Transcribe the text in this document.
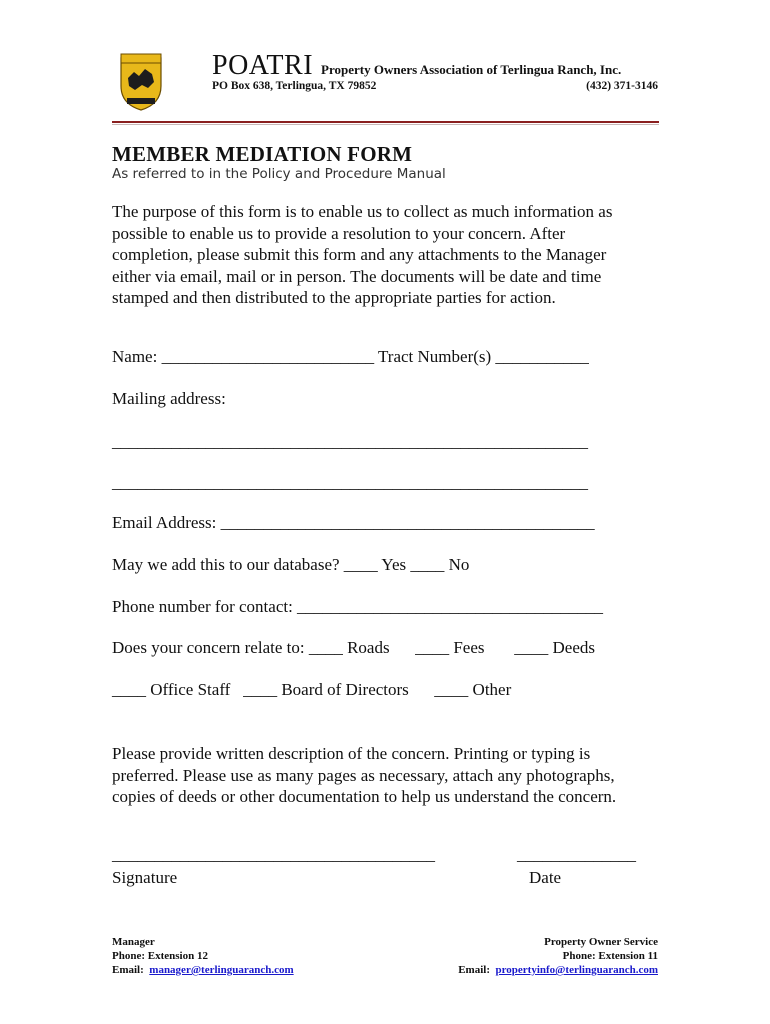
POATRI Property Owners Association of Terlingua Ranch, Inc.
PO Box 638, Terlingua, TX 79852	(432) 371-3146
MEMBER MEDIATION FORM
As referred to in the Policy and Procedure Manual
The purpose of this form is to enable us to collect as much information as
possible to enable us to provide a resolution to your concern. After
completion, please submit this form and any attachments to the Manager
either via email, mail or in person. The documents will be date and time
stamped and then distributed to the appropriate parties for action.
Name: _________________________ Tract Number(s) ___________
Mailing address:
________________________________________________________
________________________________________________________
Email Address: ____________________________________________
May we add this to our database? ____ Yes ____ No
Phone number for contact: ____________________________________
Does your concern relate to: ____ Roads      ____ Fees       ____ Deeds
____ Office Staff   ____ Board of Directors      ____ Other
Please provide written description of the concern. Printing or typing is
preferred. Please use as many pages as necessary, attach any photographs,
copies of deeds or other documentation to help us understand the concern.
______________________________________	______________
Signature	Date
Manager
Phone: Extension 12
Email:  manager@terlinguaranch.com
Property Owner Service
Phone: Extension 11
Email:  propertyinfo@terlinguaranch.com
